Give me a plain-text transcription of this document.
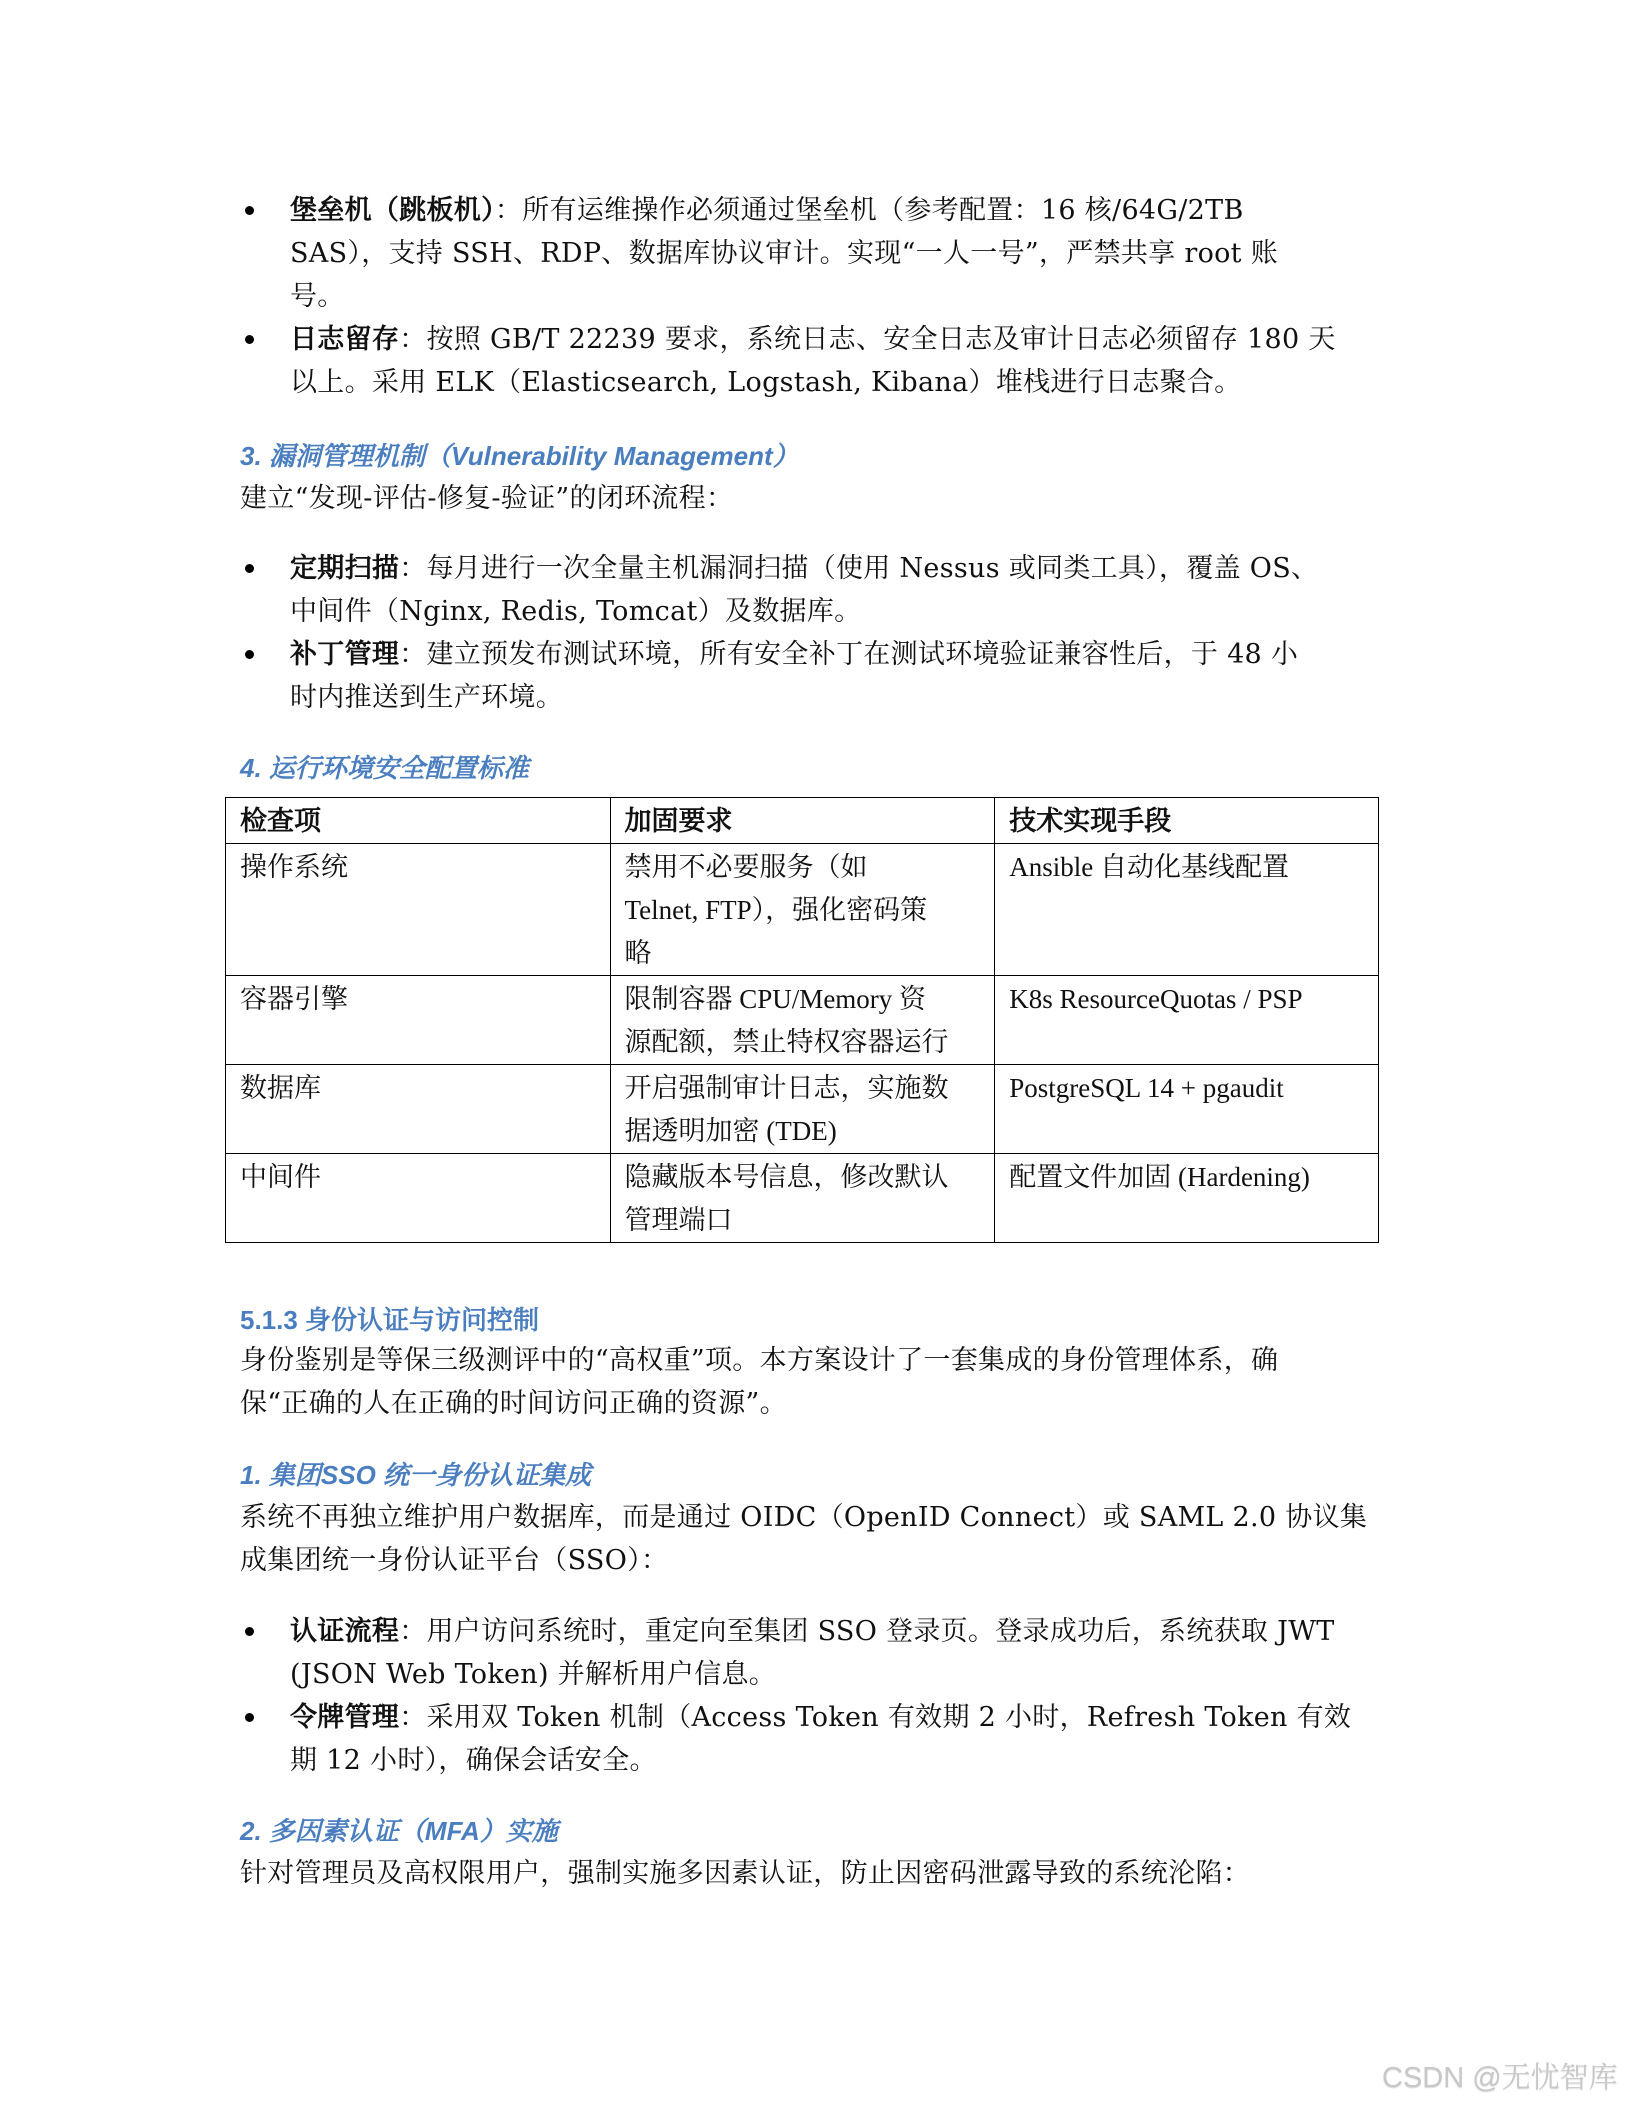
堡垒机（跳板机）：所有运维操作必须通过堡垒机（参考配置：16 核/64G/2TB

SAS），支持 SSH、RDP、数据库协议审计。实现“一人一号”，严禁共享 root 账

号。

日志留存：按照 GB/T 22239 要求，系统日志、安全日志及审计日志必须留存 180 天

以上。采用 ELK（Elasticsearch, Logstash, Kibana）堆栈进行日志聚合。

3. 漏洞管理机制（Vulnerability Management）

建立“发现-评估-修复-验证”的闭环流程：

定期扫描：每月进行一次全量主机漏洞扫描（使用 Nessus 或同类工具），覆盖 OS、

中间件（Nginx, Redis, Tomcat）及数据库。

补丁管理：建立预发布测试环境，所有安全补丁在测试环境验证兼容性后，于 48 小

时内推送到生产环境。

4. 运行环境安全配置标准
检查项	加固要求	技术实现手段
操作系统	禁用不必要服务（如
Telnet, FTP），强化密码策
略	Ansible 自动化基线配置
容器引擎	限制容器 CPU/Memory 资
源配额，禁止特权容器运行	K8s ResourceQuotas / PSP
数据库	开启强制审计日志，实施数
据透明加密 (TDE)	PostgreSQL 14 + pgaudit
中间件	隐藏版本号信息，修改默认
管理端口	配置文件加固 (Hardening)
5.1.3 身份认证与访问控制

身份鉴别是等保三级测评中的“高权重”项。本方案设计了一套集成的身份管理体系，确

保“正确的人在正确的时间访问正确的资源”。

1. 集团SSO 统一身份认证集成

系统不再独立维护用户数据库，而是通过 OIDC（OpenID Connect）或 SAML 2.0 协议集

成集团统一身份认证平台（SSO）：

认证流程：用户访问系统时，重定向至集团 SSO 登录页。登录成功后，系统获取 JWT

(JSON Web Token) 并解析用户信息。

令牌管理：采用双 Token 机制（Access Token 有效期 2 小时，Refresh Token 有效

期 12 小时），确保会话安全。

2. 多因素认证（MFA）实施

针对管理员及高权限用户，强制实施多因素认证，防止因密码泄露导致的系统沦陷：

CSDN @无忧智库
